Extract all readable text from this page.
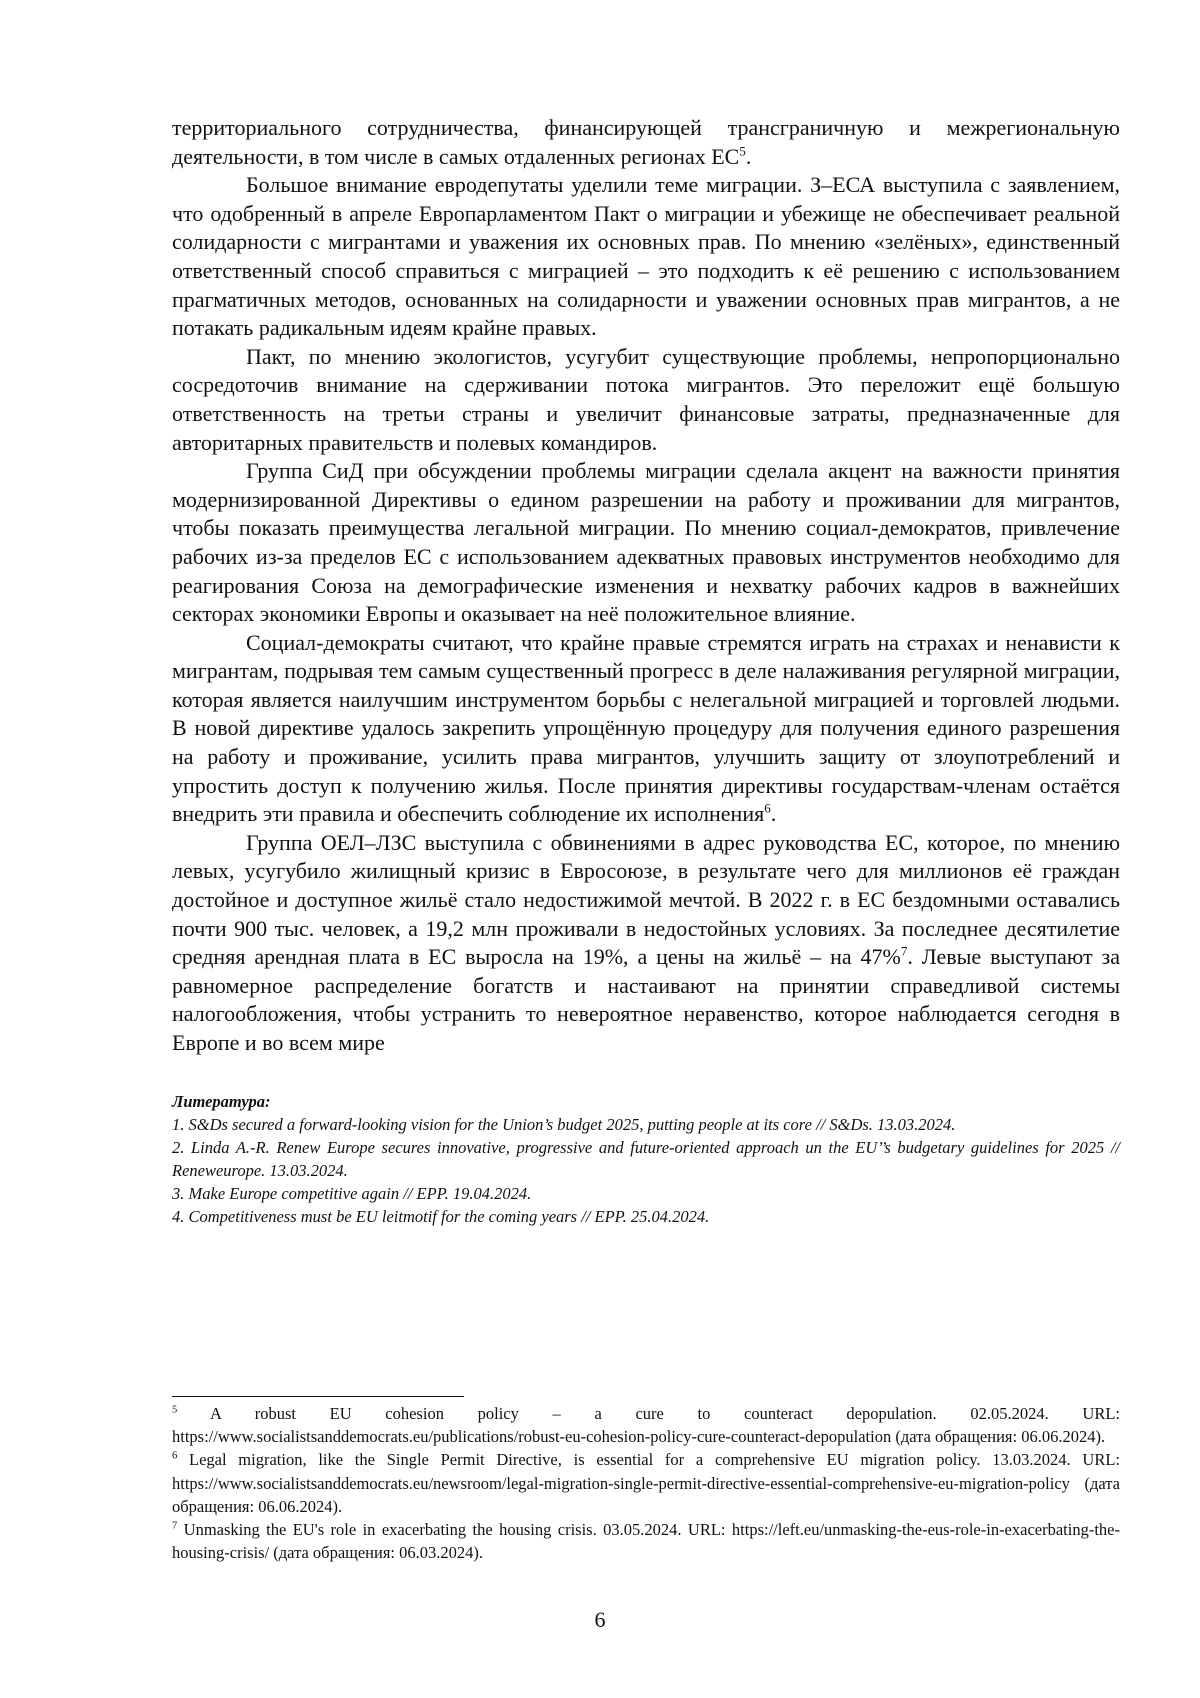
территориального сотрудничества, финансирующей трансграничную и межрегиональную деятельности, в том числе в самых отдаленных регионах $ЕС^5$.

Большое внимание евродепутаты уделили теме миграции. З–ЕСА выступила с заявлением, что одобренный в апреле Европарламентом Пакт о миграции и убежище не обеспечивает реальной солидарности с мигрантами и уважения их основных прав. По мнению «зелёных», единственный ответственный способ справиться с миграцией – это подходить к её решению с использованием прагматичных методов, основанных на солидарности и уважении основных прав мигрантов, а не потакать радикальным идеям крайне правых.

Пакт, по мнению экологистов, усугубит существующие проблемы, непропорционально сосредоточив внимание на сдерживании потока мигрантов. Это переложит ещё большую ответственность на третьи страны и увеличит финансовые затраты, предназначенные для авторитарных правительств и полевых командиров.

Группа СиД при обсуждении проблемы миграции сделала акцент на важности принятия модернизированной Директивы о едином разрешении на работу и проживании для мигрантов, чтобы показать преимущества легальной миграции. По мнению социал-демократов, привлечение рабочих из-за пределов ЕС с использованием адекватных правовых инструментов необходимо для реагирования Союза на демографические изменения и нехватку рабочих кадров в важнейших секторах экономики Европы и оказывает на неё положительное влияние.

Социал-демократы считают, что крайне правые стремятся играть на страхах и ненависти к мигрантам, подрывая тем самым существенный прогресс в деле налаживания регулярной миграции, которая является наилучшим инструментом борьбы с нелегальной миграцией и торговлей людьми. В новой директиве удалось закрепить упрощённую процедуру для получения единого разрешения на работу и проживание, усилить права мигрантов, улучшить защиту от злоупотреблений и упростить доступ к получению жилья. После принятия директивы государствам-членам остаётся внедрить эти правила и обеспечить соблюдение их исполнения$^6$.

Группа ОЕЛ–ЛЗС выступила с обвинениями в адрес руководства ЕС, которое, по мнению левых, усугубило жилищный кризис в Евросоюзе, в результате чего для миллионов её граждан достойное и доступное жильё стало недостижимой мечтой. В 2022 г. в ЕС бездомными оставались почти 900 тыс. человек, а 19,2 млн проживали в недостойных условиях. За последнее десятилетие средняя арендная плата в ЕС выросла на 19%, а цены на жильё – на 47%$^7$. Левые выступают за равномерное распределение богатств и настаивают на принятии справедливой системы налогообложения, чтобы устранить то невероятное неравенство, которое наблюдается сегодня в Европе и во всем мире

Литература:

1. S&Ds secured a forward-looking vision for the Union’s budget 2025, putting people at its core // S&Ds. 13.03.2024.

2. Linda A.-R. Renew Europe secures innovative, progressive and future-oriented approach un the EU’’s budgetary guidelines for 2025 // Reneweurope. 13.03.2024.

3. Make Europe competitive again // EPP. 19.04.2024.

4. Competitiveness must be EU leitmotif for the coming years // EPP. 25.04.2024.

$^5$ A robust EU cohesion policy – a cure to counteract depopulation. 02.05.2024. URL: https://www.socialistsanddemocrats.eu/publications/robust-eu-cohesion-policy-cure-counteract-depopulation (дата обращения: 06.06.2024).

$^6$ Legal migration, like the Single Permit Directive, is essential for a comprehensive EU migration policy. 13.03.2024. URL: https://www.socialistsanddemocrats.eu/newsroom/legal-migration-single-permit-directive-essential-comprehensive-eu-migration-policy (дата обращения: 06.06.2024).

$^7$ Unmasking the EU's role in exacerbating the housing crisis. 03.05.2024. URL: https://left.eu/unmasking-the-eus-role-in-exacerbating-the-housing-crisis/ (дата обращения: 06.03.2024).

6
